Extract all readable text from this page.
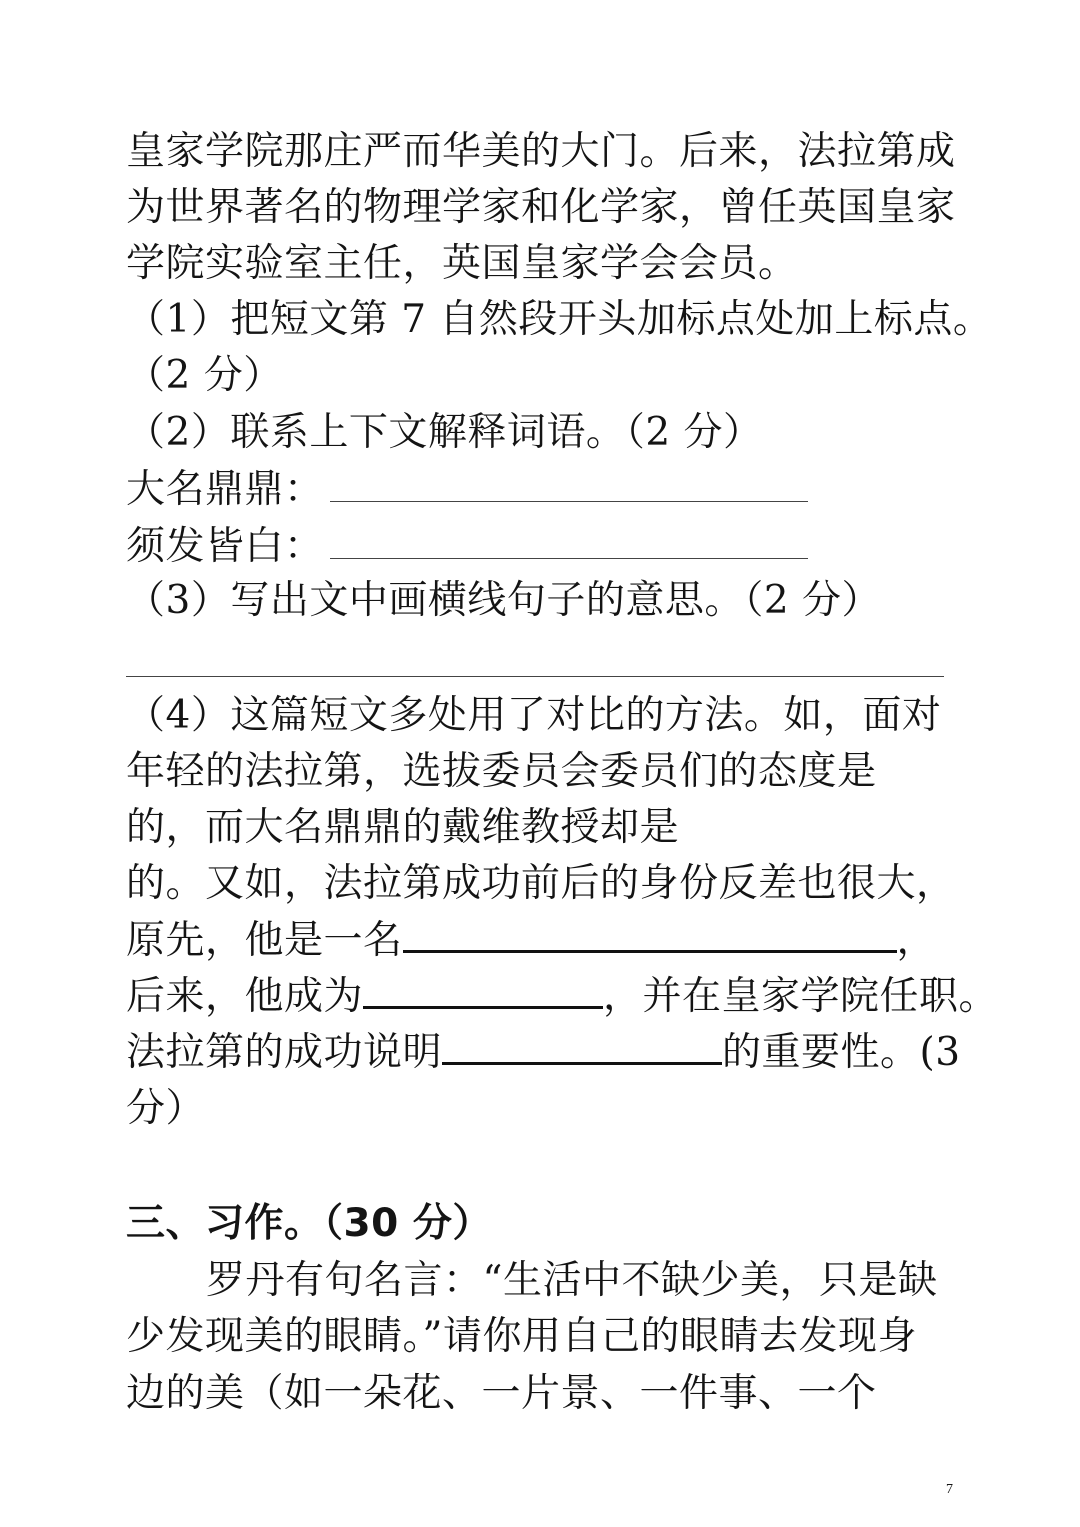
皇家学院那庄严而华美的大门。后来，法拉第成
为世界著名的物理学家和化学家，曾任英国皇家
学院实验室主任，英国皇家学会会员。
（1）把短文第 7 自然段开头加标点处加上标点。
（2 分）
（2）联系上下文解释词语。（2 分）
大名鼎鼎：
须发皆白：
（3）写出文中画横线句子的意思。（2 分）
（4）这篇短文多处用了对比的方法。如，面对
年轻的法拉第，选拔委员会委员们的态度是
的，而大名鼎鼎的戴维教授却是
的。又如，法拉第成功前后的身份反差也很大，
原先，他是一名	，
后来，他成为	，并在皇家学院任职。
法拉第的成功说明	的重要性。(3
分）
三、习作。（30 分）
罗丹有句名言：“生活中不缺少美，只是缺
少发现美的眼睛。”请你用自己的眼睛去发现身
边的美（如一朵花、一片景、一件事、一个
7
